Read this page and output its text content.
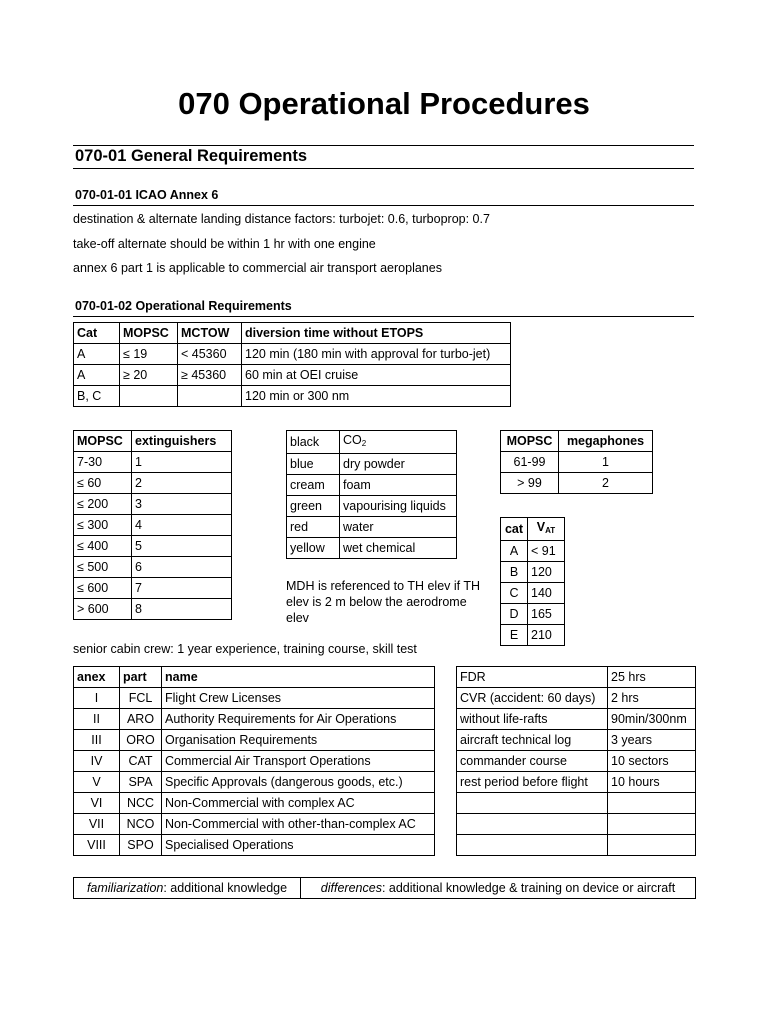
070 Operational Procedures
070-01 General Requirements
070-01-01 ICAO Annex 6
destination & alternate landing distance factors: turbojet: 0.6, turboprop: 0.7
take-off alternate should be within 1 hr with one engine
annex 6 part 1 is applicable to commercial air transport aeroplanes
070-01-02 Operational Requirements
Cat	MOPSC	MCTOW	diversion time without ETOPS
A	≤ 19	< 45360	120 min (180 min with approval for turbo-jet)
A	≥ 20	≥ 45360	60 min at OEI cruise
B, C			120 min or 300 nm
MOPSC	extinguishers
7-30	1
≤ 60	2
≤ 200	3
≤ 300	4
≤ 400	5
≤ 500	6
≤ 600	7
> 600	8
black	$CO_2$
blue	dry powder
cream	foam
green	vapourising liquids
red	water
yellow	wet chemical
MDH is referenced to TH elev if TH elev is 2 m below the aerodrome elev
MOPSC	megaphones
61-99	1
> 99	2
cat	$V_{AT}$
A	< 91
B	120
C	140
D	165
E	210
senior cabin crew: 1 year experience, training course, skill test
anex	part	name
I	FCL	Flight Crew Licenses
II	ARO	Authority Requirements for Air Operations
III	ORO	Organisation Requirements
IV	CAT	Commercial Air Transport Operations
V	SPA	Specific Approvals (dangerous goods, etc.)
VI	NCC	Non-Commercial with complex AC
VII	NCO	Non-Commercial with other-than-complex AC
VIII	SPO	Specialised Operations
FDR	25 hrs
CVR (accident: 60 days)	2 hrs
without life-rafts	90min/300nm
aircraft technical log	3 years
commander course	10 sectors
rest period before flight	10 hours

familiarization: additional knowledge	differences: additional knowledge & training on device or aircraft
